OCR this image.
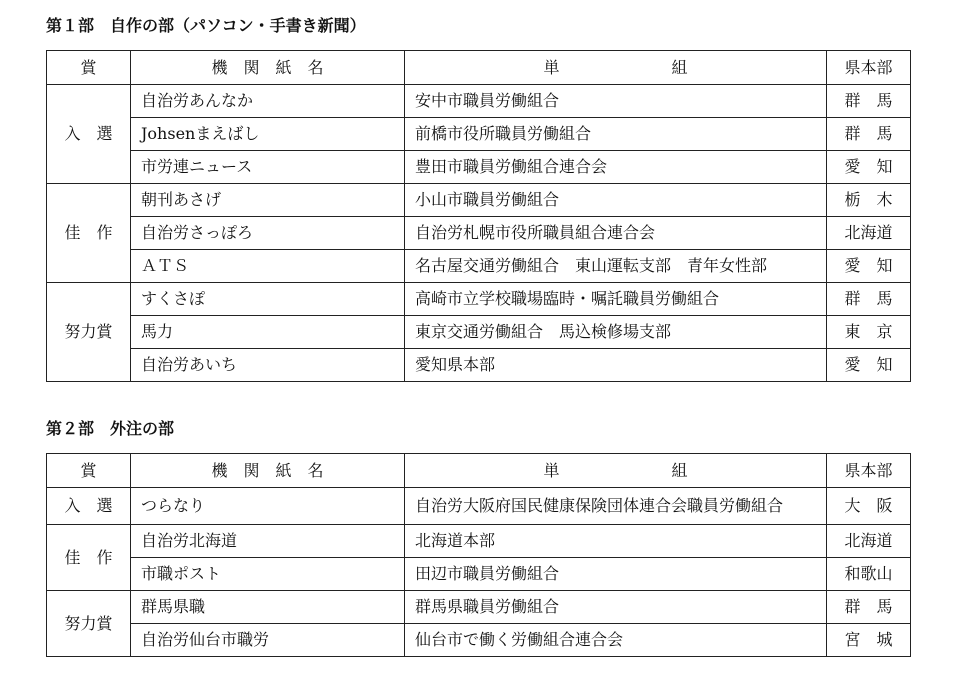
第１部　自作の部（パソコン・手書き新聞）
賞	機　関　紙　名	単　　　　　　　組	県本部
入　選	自治労あんなか	安中市職員労働組合	群　馬
	Johsenまえばし	前橋市役所職員労働組合	群　馬
	市労連ニュース	豊田市職員労働組合連合会	愛　知
佳　作	朝刊あさげ	小山市職員労働組合	栃　木
	自治労さっぽろ	自治労札幌市役所職員組合連合会	北海道
	ＡＴＳ	名古屋交通労働組合　東山運転支部　青年女性部	愛　知
努力賞	すくさぽ	高崎市立学校職場臨時・嘱託職員労働組合	群　馬
	馬力	東京交通労働組合　馬込検修場支部	東　京
	自治労あいち	愛知県本部	愛　知
第２部　外注の部
賞	機　関　紙　名	単　　　　　　　組	県本部
入　選	つらなり	自治労大阪府国民健康保険団体連合会職員労働組合	大　阪
佳　作	自治労北海道	北海道本部	北海道
	市職ポスト	田辺市職員労働組合	和歌山
努力賞	群馬県職	群馬県職員労働組合	群　馬
	自治労仙台市職労	仙台市で働く労働組合連合会	宮　城
